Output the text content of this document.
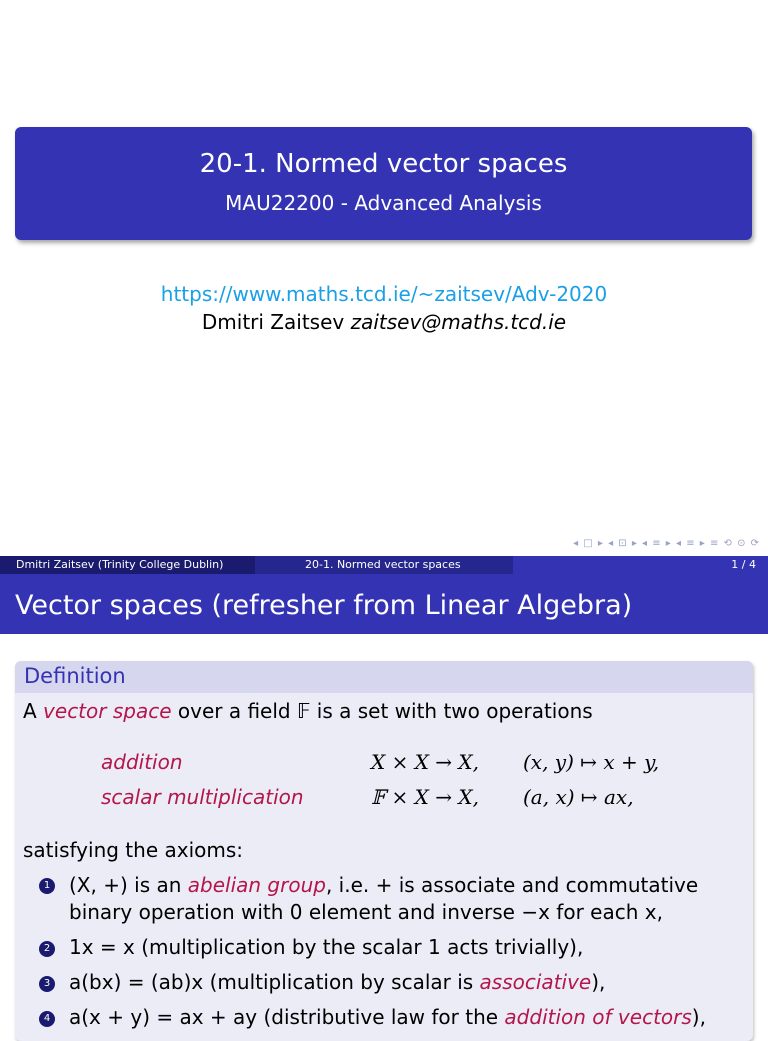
20-1. Normed vector spaces
MAU22200 - Advanced Analysis
https://www.maths.tcd.ie/~zaitsev/Adv-2020
Dmitri Zaitsev zaitsev@maths.tcd.ie
◂ □ ▸ ◂ ⊡ ▸ ◂ ≡ ▸ ◂ ≡ ▸ ≡ ⟲ ⊙ ⟳
Dmitri Zaitsev (Trinity College Dublin)	20-1. Normed vector spaces	1 / 4
Vector spaces (refresher from Linear Algebra)
Definition
A vector space over a field 𝔽 is a set with two operations
addition	X × X → X, (x, y) ↦ x + y,
scalar multiplication	𝔽 × X → X, (a, x) ↦ ax,
satisfying the axioms:
1 (X, +) is an abelian group, i.e. + is associate and commutative
binary operation with 0 element and inverse −x for each x,
2 1x = x (multiplication by the scalar 1 acts trivially),
3 a(bx) = (ab)x (multiplication by scalar is associative),
4 a(x + y) = ax + ay (distributive law for the addition of vectors),
